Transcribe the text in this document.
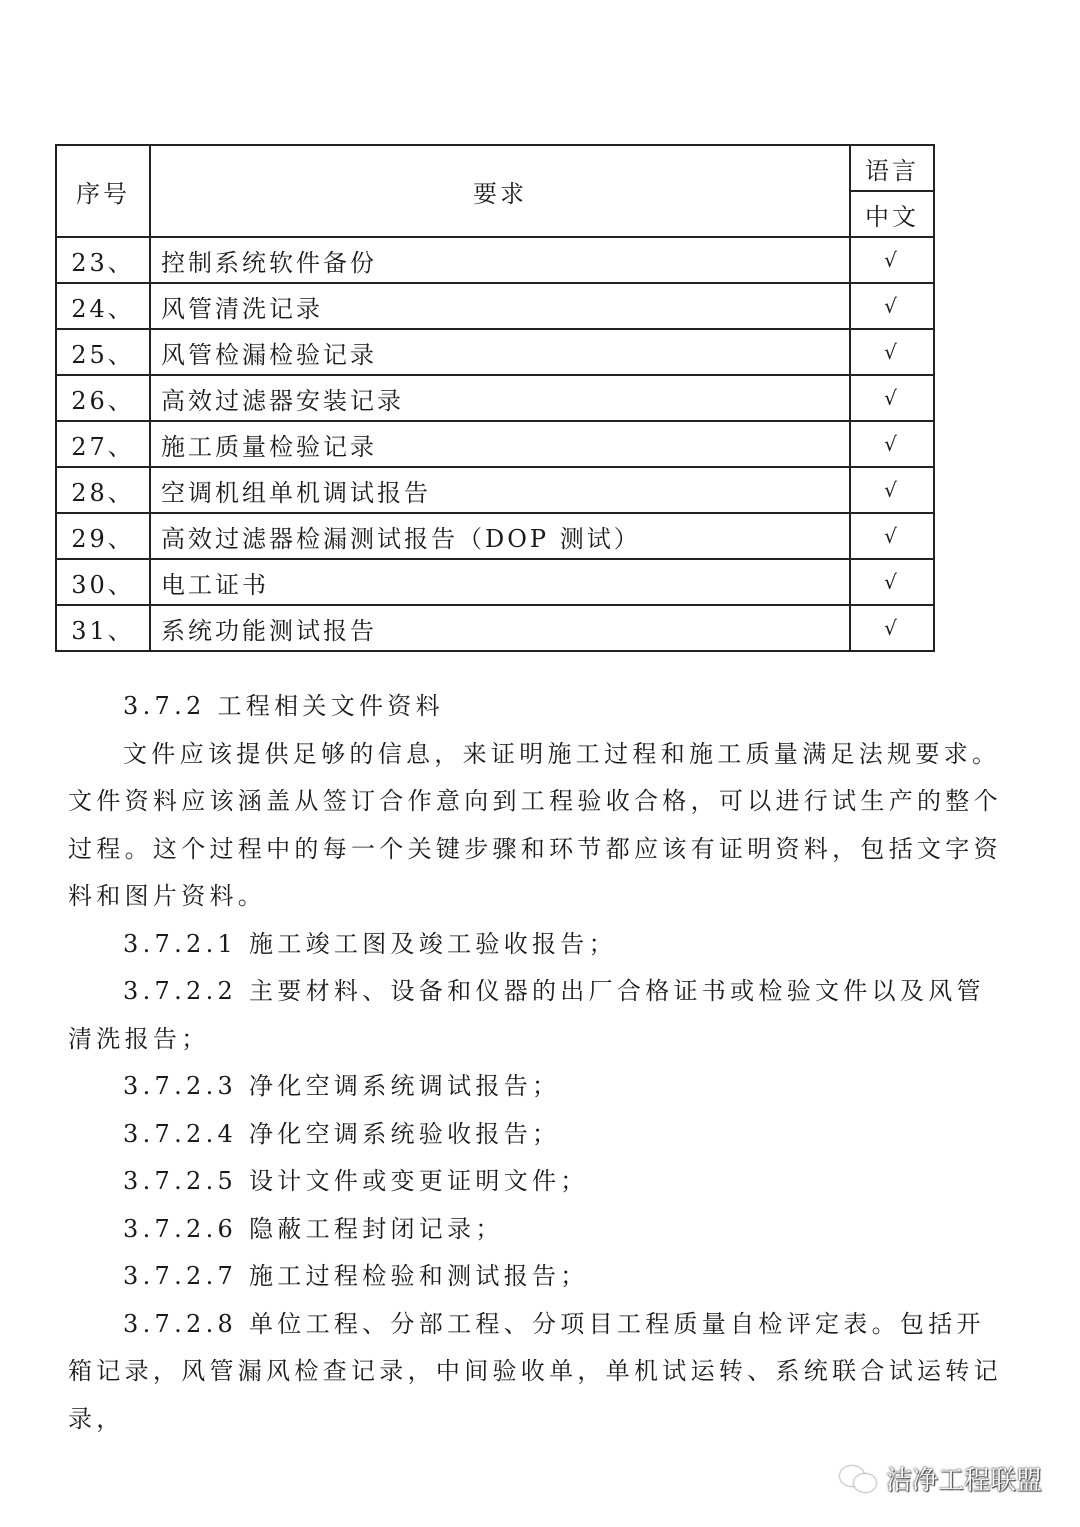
序号	要求	语言
		中文
23、	控制系统软件备份	√
24、	风管清洗记录	√
25、	风管检漏检验记录	√
26、	高效过滤器安装记录	√
27、	施工质量检验记录	√
28、	空调机组单机调试报告	√
29、	高效过滤器检漏测试报告（DOP 测试）	√
30、	电工证书	√
31、	系统功能测试报告	√

3.7.2 工程相关文件资料

文件应该提供足够的信息，来证明施工过程和施工质量满足法规要求。文件资料应该涵盖从签订合作意向到工程验收合格，可以进行试生产的整个过程。这个过程中的每一个关键步骤和环节都应该有证明资料，包括文字资料和图片资料。

3.7.2.1 施工竣工图及竣工验收报告；

3.7.2.2 主要材料、设备和仪器的出厂合格证书或检验文件以及风管清洗报告；

3.7.2.3 净化空调系统调试报告；

3.7.2.4 净化空调系统验收报告；

3.7.2.5 设计文件或变更证明文件；

3.7.2.6 隐蔽工程封闭记录；

3.7.2.7 施工过程检验和测试报告；

3.7.2.8 单位工程、分部工程、分项目工程质量自检评定表。包括开箱记录，风管漏风检查记录，中间验收单，单机试运转、系统联合试运转记录，

洁净工程联盟
